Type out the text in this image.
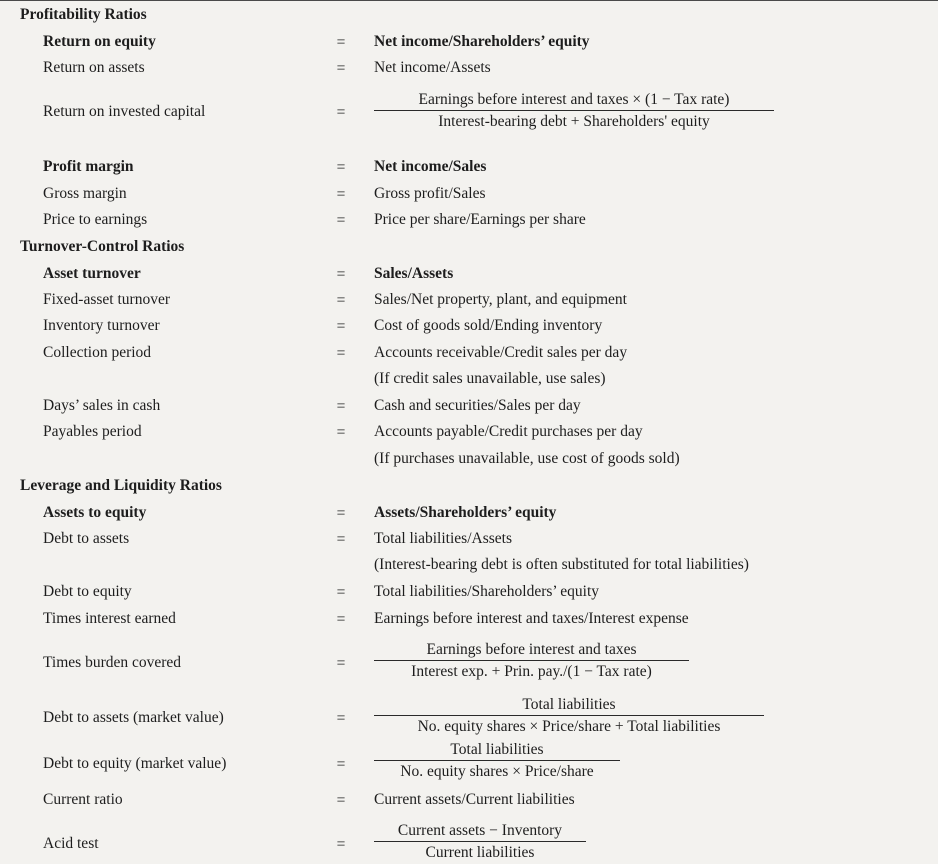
Profitability Ratios
Return on equity	= Net income/Shareholders’ equity
Return on assets	= Net income/Assets
Return on invested capital	=
Earnings before interest and taxes × (1 − Tax rate)
Interest-bearing debt + Shareholders' equity
Profit margin	= Net income/Sales
Gross margin	= Gross profit/Sales
Price to earnings	= Price per share/Earnings per share
Turnover-Control Ratios
Asset turnover	= Sales/Assets
Fixed-asset turnover	= Sales/Net property, plant, and equipment
Inventory turnover	= Cost of goods sold/Ending inventory
Collection period	= Accounts receivable/Credit sales per day
(If credit sales unavailable, use sales)
Days’ sales in cash	= Cash and securities/Sales per day
Payables period	= Accounts payable/Credit purchases per day
(If purchases unavailable, use cost of goods sold)
Leverage and Liquidity Ratios
Assets to equity	= Assets/Shareholders’ equity
Debt to assets	= Total liabilities/Assets
(Interest-bearing debt is often substituted for total liabilities)
Debt to equity	= Total liabilities/Shareholders’ equity
Times interest earned	= Earnings before interest and taxes/Interest expense
Times burden covered	=
Earnings before interest and taxes
Interest exp. + Prin. pay./(1 − Tax rate)
Debt to assets (market value)	=
Total liabilities
No. equity shares × Price/share + Total liabilities
Debt to equity (market value)	=
Total liabilities
No. equity shares × Price/share
Current ratio	= Current assets/Current liabilities
Acid test	=
Current assets − Inventory
Current liabilities
